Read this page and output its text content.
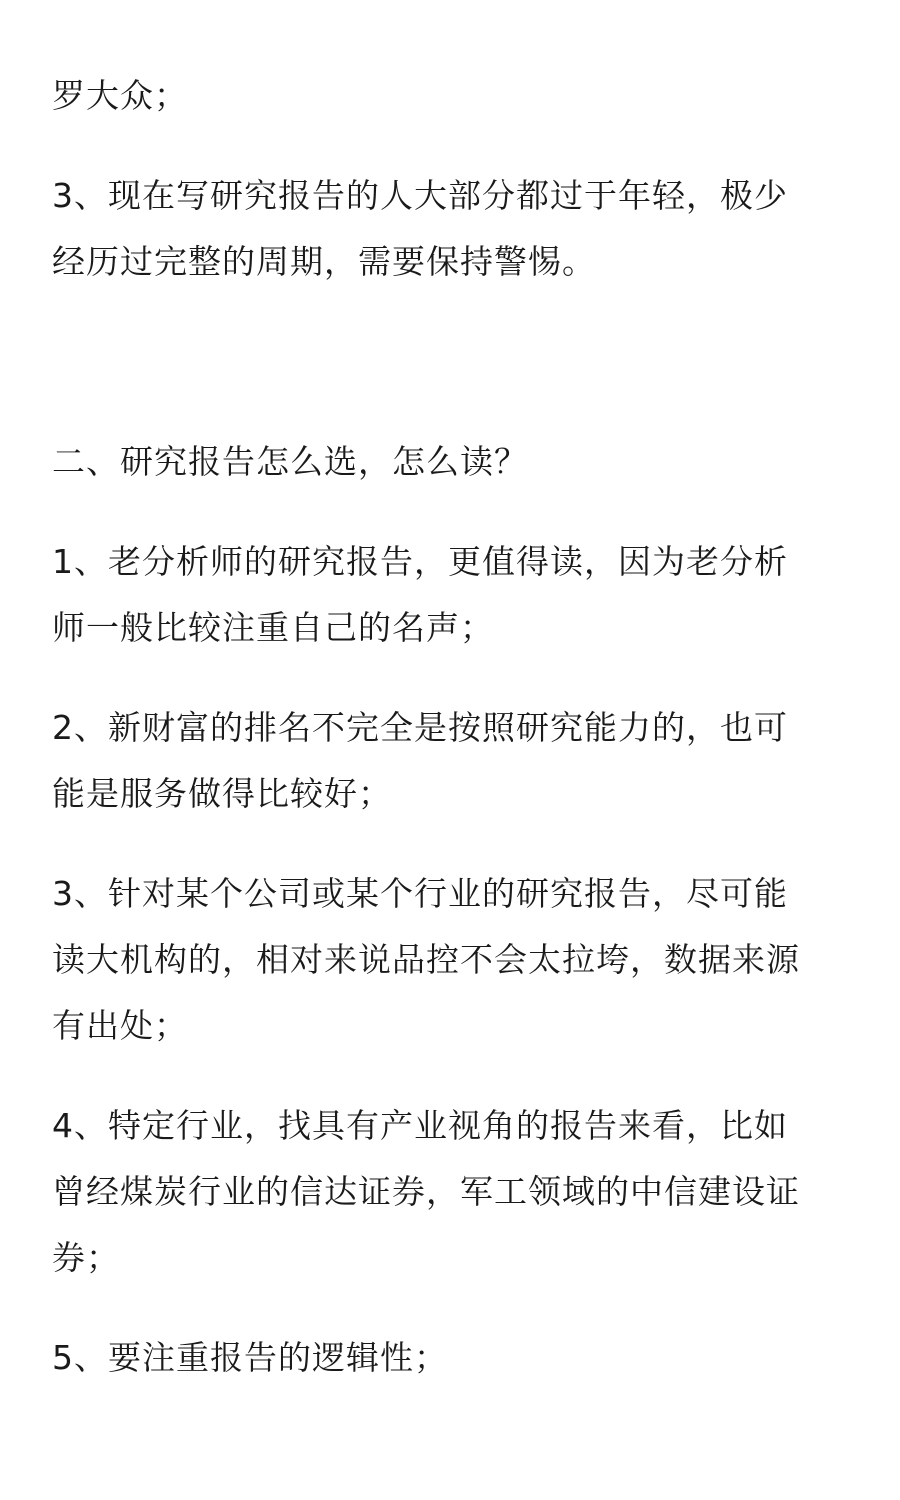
罗大众；

3、现在写研究报告的人大部分都过于年轻，极少
经历过完整的周期，需要保持警惕。

二、研究报告怎么选，怎么读？

1、老分析师的研究报告，更值得读，因为老分析
师一般比较注重自己的名声；

2、新财富的排名不完全是按照研究能力的，也可
能是服务做得比较好；

3、针对某个公司或某个行业的研究报告，尽可能
读大机构的，相对来说品控不会太拉垮，数据来源
有出处；

4、特定行业，找具有产业视角的报告来看，比如
曾经煤炭行业的信达证券，军工领域的中信建设证
券；

5、要注重报告的逻辑性；
